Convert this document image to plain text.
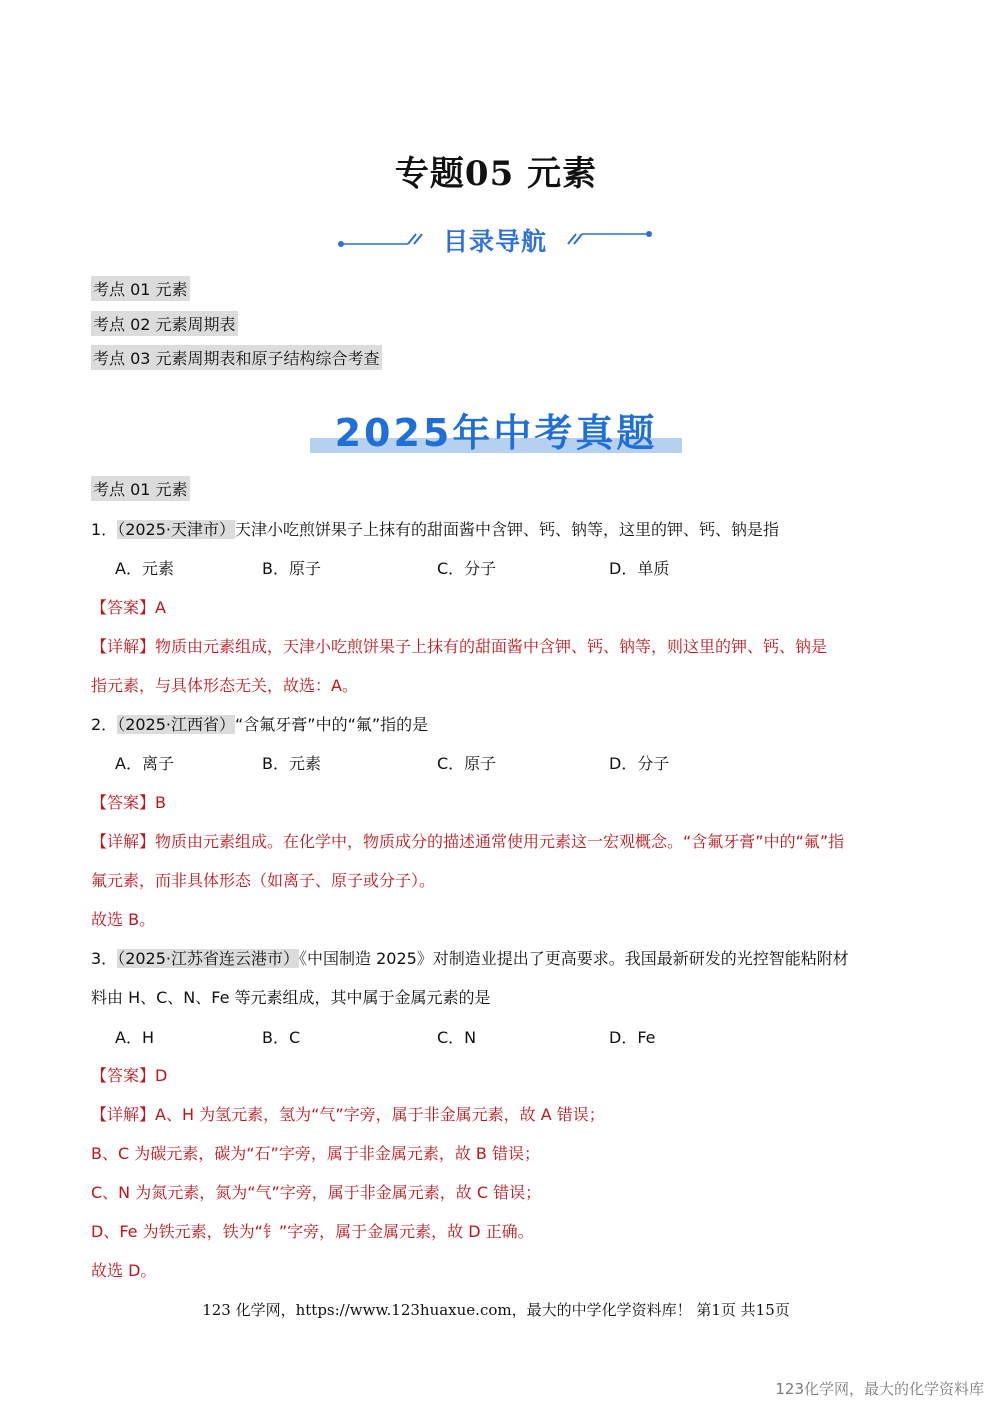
专题05 元素
目录导航
考点 01 元素
考点 02 元素周期表
考点 03 元素周期表和原子结构综合考查
2025年中考真题
考点 01 元素
1．（2025·天津市）天津小吃煎饼果子上抹有的甜面酱中含钾、钙、钠等，这里的钾、钙、钠是指
A．元素	B．原子	C．分子	D．单质
【答案】A
【详解】物质由元素组成，天津小吃煎饼果子上抹有的甜面酱中含钾、钙、钠等，则这里的钾、钙、钠是
指元素，与具体形态无关，故选：A。
2．（2025·江西省）“含氟牙膏”中的“氟”指的是
A．离子	B．元素	C．原子	D．分子
【答案】B
【详解】物质由元素组成。在化学中，物质成分的描述通常使用元素这一宏观概念。“含氟牙膏”中的“氟”指
氟元素，而非具体形态（如离子、原子或分子）。
故选 B。
3．（2025·江苏省连云港市）《中国制造 2025》对制造业提出了更高要求。我国最新研发的光控智能粘附材
料由 H、C、N、Fe 等元素组成，其中属于金属元素的是
A．H	B．C	C．N	D．Fe
【答案】D
【详解】A、H 为氢元素，氢为“气”字旁，属于非金属元素，故 A 错误；
B、C 为碳元素，碳为“石”字旁，属于非金属元素，故 B 错误；
C、N 为氮元素，氮为“气”字旁，属于非金属元素，故 C 错误；
D、Fe 为铁元素，铁为“钅”字旁，属于金属元素，故 D 正确。
故选 D。
123 化学网，https://www.123huaxue.com，最大的中学化学资料库！ 第1页 共15页
123化学网，最大的化学资料库
